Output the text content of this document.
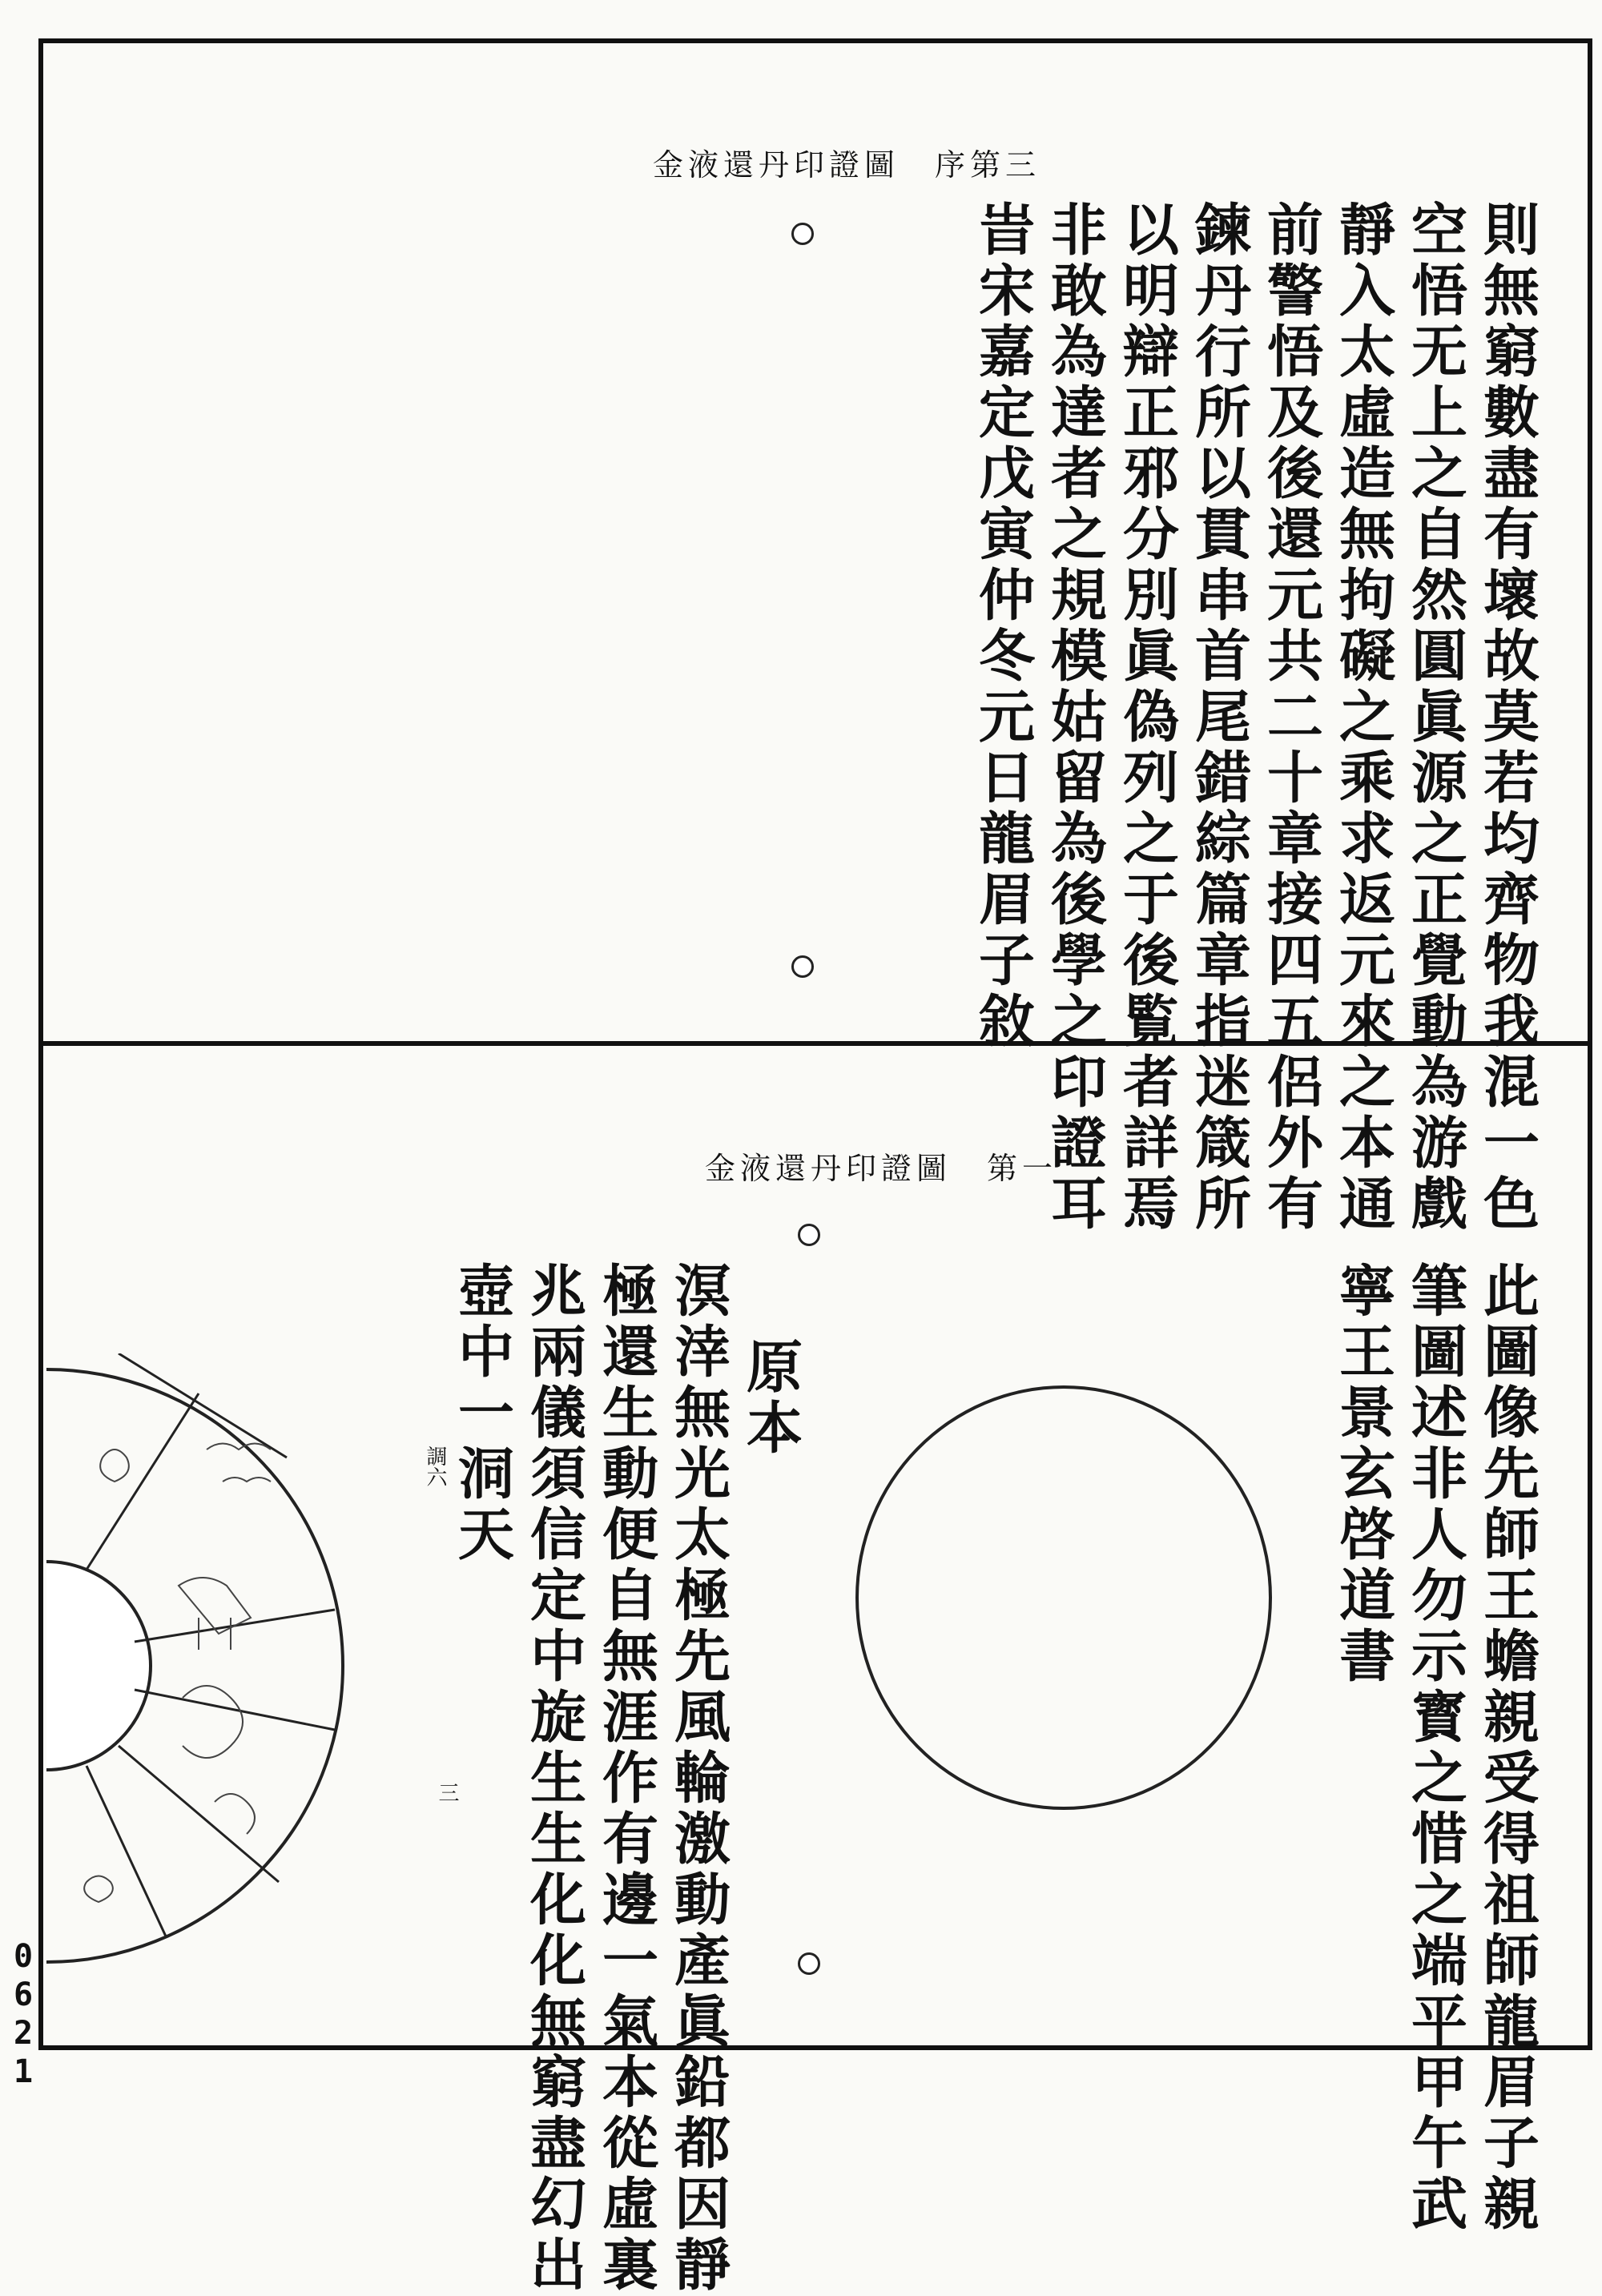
金液還丹印證圖　序第三
則無窮數盡有壞故莫若均齊物我混一色
空悟无上之自然圓眞源之正覺動為游戲
靜入太虛造無拘礙之乘求返元來之本通
前警悟及後還元共二十章接四五侶外有
鍊丹行所以貫串首尾錯綜篇章指迷箴所
以明辯正邪分別眞偽列之于後覧者詳焉
非敢為達者之規模姑留為後學之印證耳
旹宋嘉定戊寅仲冬元日龍眉子敘
金液還丹印證圖　第一
此圖像先師王蟾親受得祖師龍眉子親
筆圖述非人勿示寳之惜之端平甲午武
寧王景玄啓道書
原本
溟涬無光太極先風輪激動產眞鉛都因靜
極還生動便自無涯作有邊一氣本從虛裏
兆兩儀須信定中旋生生化化無窮盡幻出
壺中一洞天
調六
三
0621
